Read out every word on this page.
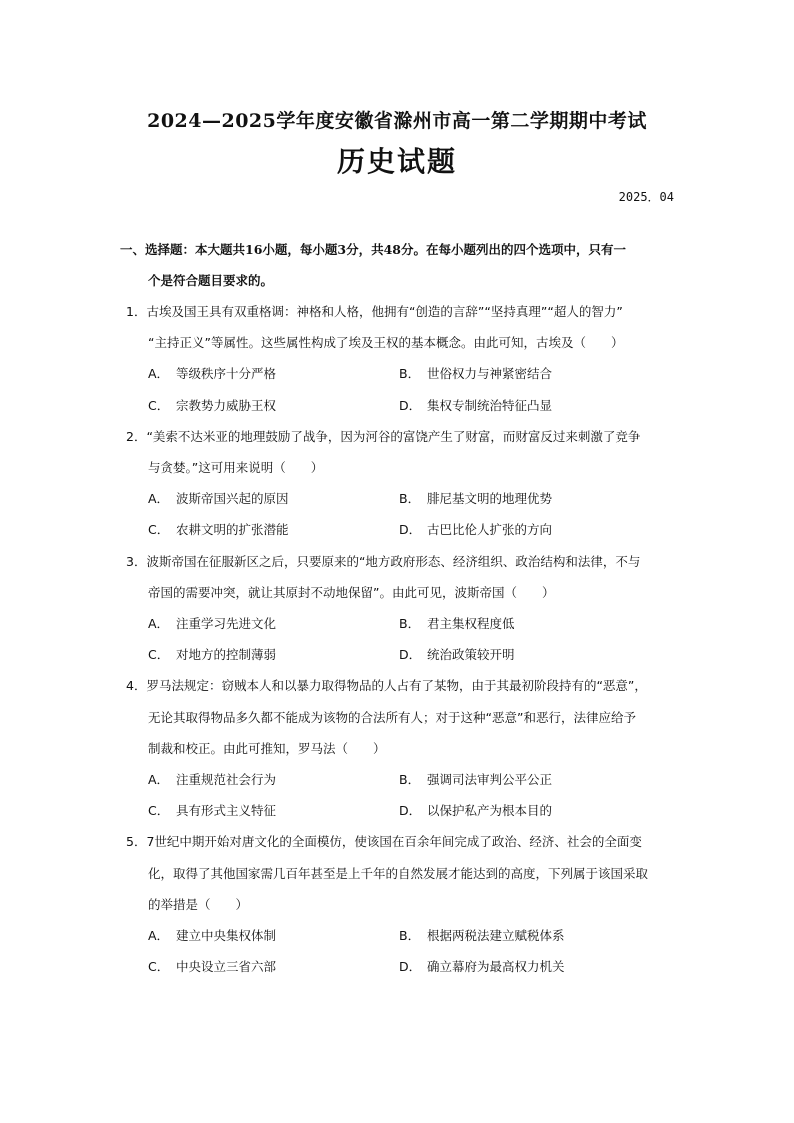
2024—2025学年度安徽省滁州市高一第二学期期中考试
历史试题
2025．04
一、选择题：本大题共16小题，每小题3分，共48分。在每小题列出的四个选项中，只有一
个是符合题目要求的。
1．古埃及国王具有双重格调：神格和人格，他拥有“创造的言辞”“坚持真理”“超人的智力”
“主持正义”等属性。这些属性构成了埃及王权的基本概念。由此可知，古埃及（　　）
A． 等级秩序十分严格	B． 世俗权力与神紧密结合
C． 宗教势力威胁王权	D． 集权专制统治特征凸显
2．“美索不达米亚的地理鼓励了战争，因为河谷的富饶产生了财富，而财富反过来刺激了竞争
与贪婪。”这可用来说明（　　）
A． 波斯帝国兴起的原因	B． 腓尼基文明的地理优势
C． 农耕文明的扩张潜能	D． 古巴比伦人扩张的方向
3．波斯帝国在征服新区之后，只要原来的“地方政府形态、经济组织、政治结构和法律，不与
帝国的需要冲突，就让其原封不动地保留”。由此可见，波斯帝国（　　）
A． 注重学习先进文化	B． 君主集权程度低
C． 对地方的控制薄弱	D． 统治政策较开明
4．罗马法规定：窃贼本人和以暴力取得物品的人占有了某物，由于其最初阶段持有的“恶意”，
无论其取得物品多久都不能成为该物的合法所有人；对于这种“恶意”和恶行，法律应给予
制裁和校正。由此可推知，罗马法（　　）
A． 注重规范社会行为	B． 强调司法审判公平公正
C． 具有形式主义特征	D． 以保护私产为根本目的
5．7世纪中期开始对唐文化的全面模仿，使该国在百余年间完成了政治、经济、社会的全面变
化，取得了其他国家需几百年甚至是上千年的自然发展才能达到的高度，下列属于该国采取
的举措是（　　）
A． 建立中央集权体制	B． 根据两税法建立赋税体系
C． 中央设立三省六部	D． 确立幕府为最高权力机关
